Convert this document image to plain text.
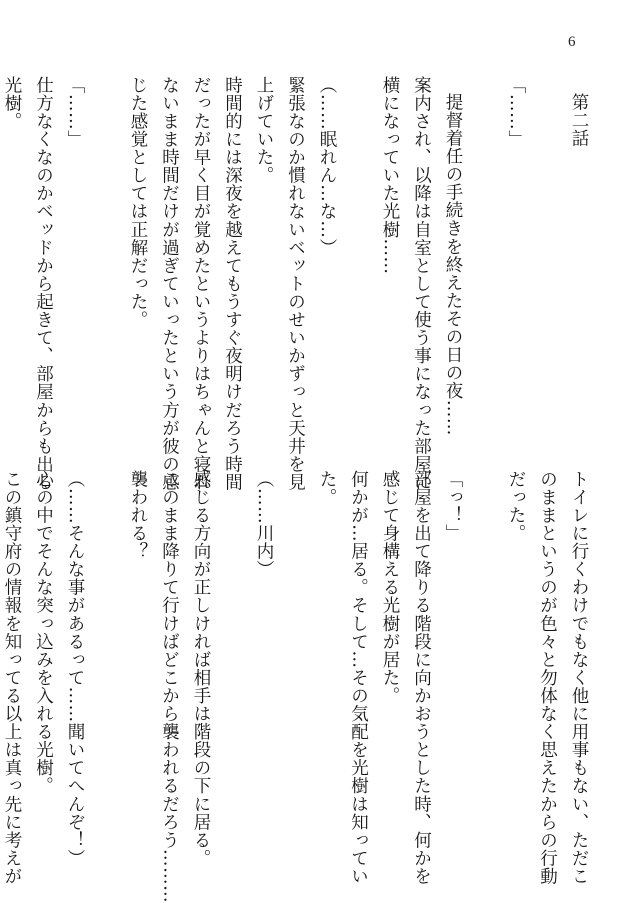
6
第二話
「……」
提督着任の手続きを終えたその日の夜……
案内され、以降は自室として使う事になった部屋に
横になっていた光樹……
（……眠れん…な…）
緊張なのか慣れないベットのせいかずっと天井を見
上げていた。
時間的には深夜を越えてもうすぐ夜明けだろう時間
だったが早く目が覚めたというよりはちゃんと寝れ
ないまま時間だけが過ぎていったという方が彼の感
じた感覚としては正解だった。
「……」
仕方なくなのかベッドから起きて、部屋からも出る
光樹。
トイレに行くわけでもなく他に用事もない、ただこ
のままというのが色々と勿体なく思えたからの行動
だった。
「っ！」
部屋を出て降りる階段に向かおうとした時、何かを
感じて身構える光樹が居た。
何かが…居る。そして…その気配を光樹は知ってい
た。
（……川内）
感じる方向が正しければ相手は階段の下に居る。
このまま降りて行けばどこから襲われるだろう………
襲われる？
（……そんな事があるって……聞いてへんぞ！）
心の中でそんな突っ込みを入れる光樹。
この鎮守府の情報を知ってる以上は真っ先に考えが
